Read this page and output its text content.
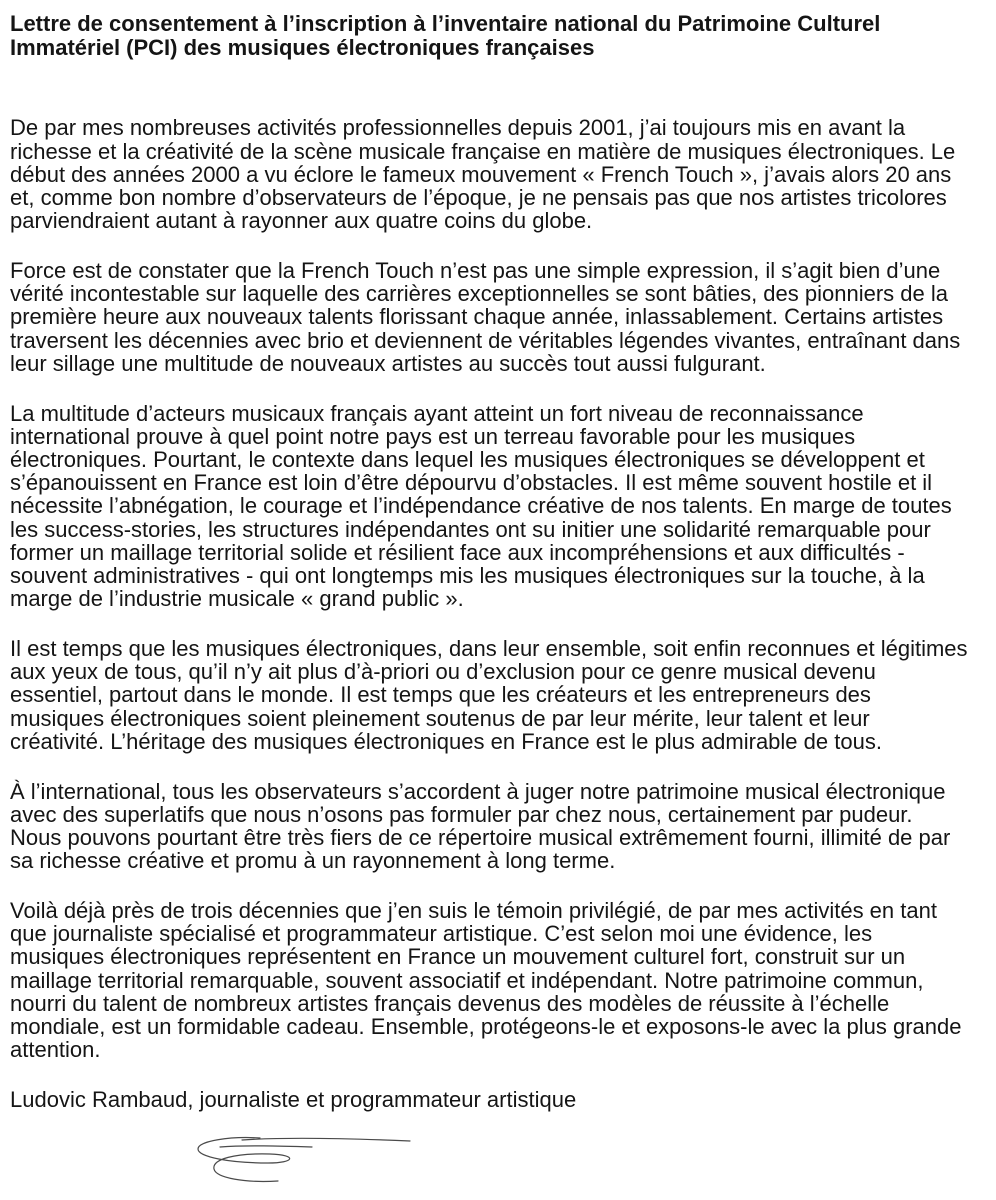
Lettre de consentement à l’inscription à l’inventaire national du Patrimoine Culturel
Immatériel (PCI) des musiques électroniques françaises

De par mes nombreuses activités professionnelles depuis 2001, j’ai toujours mis en avant la
richesse et la créativité de la scène musicale française en matière de musiques électroniques. Le
début des années 2000 a vu éclore le fameux mouvement « French Touch », j’avais alors 20 ans
et, comme bon nombre d’observateurs de l’époque, je ne pensais pas que nos artistes tricolores
parviendraient autant à rayonner aux quatre coins du globe.

Force est de constater que la French Touch n’est pas une simple expression, il s’agit bien d’une
vérité incontestable sur laquelle des carrières exceptionnelles se sont bâties, des pionniers de la
première heure aux nouveaux talents florissant chaque année, inlassablement. Certains artistes
traversent les décennies avec brio et deviennent de véritables légendes vivantes, entraînant dans
leur sillage une multitude de nouveaux artistes au succès tout aussi fulgurant.

La multitude d’acteurs musicaux français ayant atteint un fort niveau de reconnaissance
international prouve à quel point notre pays est un terreau favorable pour les musiques
électroniques. Pourtant, le contexte dans lequel les musiques électroniques se développent et
s’épanouissent en France est loin d’être dépourvu d’obstacles. Il est même souvent hostile et il
nécessite l’abnégation, le courage et l’indépendance créative de nos talents. En marge de toutes
les success-stories, les structures indépendantes ont su initier une solidarité remarquable pour
former un maillage territorial solide et résilient face aux incompréhensions et aux difficultés -
souvent administratives - qui ont longtemps mis les musiques électroniques sur la touche, à la
marge de l’industrie musicale « grand public ».

Il est temps que les musiques électroniques, dans leur ensemble, soit enfin reconnues et légitimes
aux yeux de tous, qu’il n’y ait plus d’à-priori ou d’exclusion pour ce genre musical devenu
essentiel, partout dans le monde. Il est temps que les créateurs et les entrepreneurs des
musiques électroniques soient pleinement soutenus de par leur mérite, leur talent et leur
créativité. L’héritage des musiques électroniques en France est le plus admirable de tous.

À l’international, tous les observateurs s’accordent à juger notre patrimoine musical électronique
avec des superlatifs que nous n’osons pas formuler par chez nous, certainement par pudeur.
Nous pouvons pourtant être très fiers de ce répertoire musical extrêmement fourni, illimité de par
sa richesse créative et promu à un rayonnement à long terme.

Voilà déjà près de trois décennies que j’en suis le témoin privilégié, de par mes activités en tant
que journaliste spécialisé et programmateur artistique. C’est selon moi une évidence, les
musiques électroniques représentent en France un mouvement culturel fort, construit sur un
maillage territorial remarquable, souvent associatif et indépendant. Notre patrimoine commun,
nourri du talent de nombreux artistes français devenus des modèles de réussite à l’échelle
mondiale, est un formidable cadeau. Ensemble, protégeons-le et exposons-le avec la plus grande
attention.

Ludovic Rambaud, journaliste et programmateur artistique
